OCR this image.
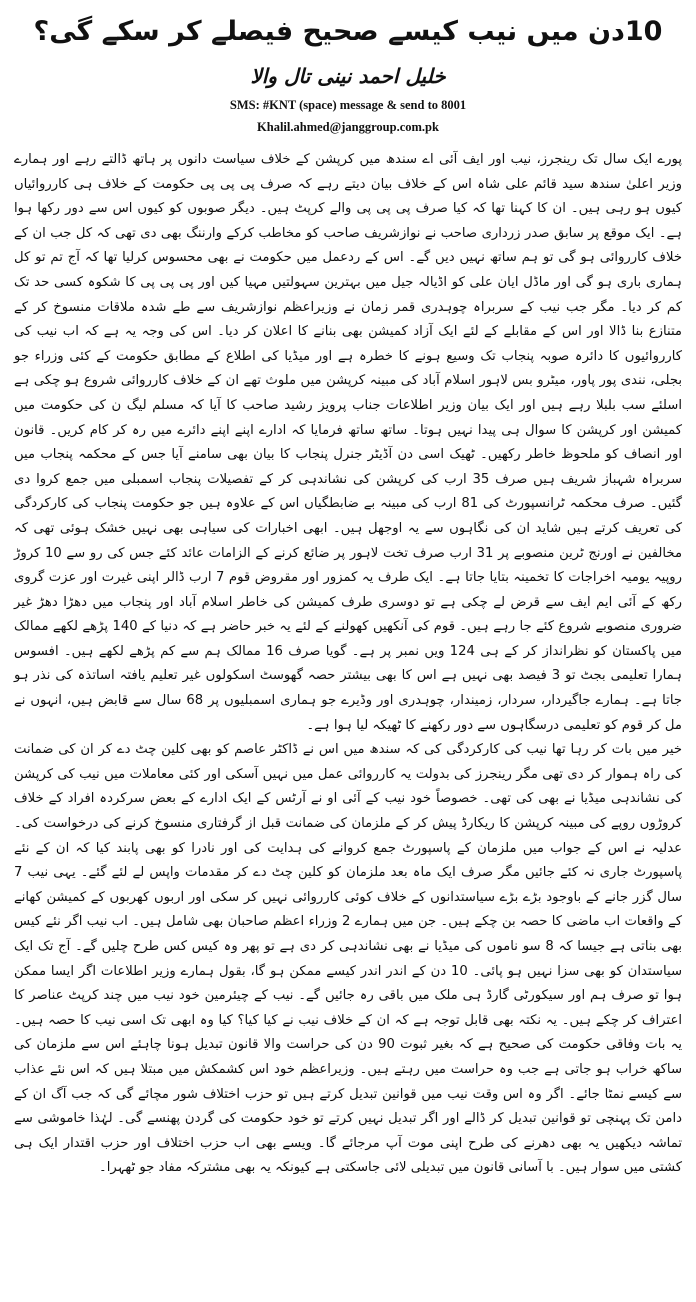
10دن میں نیب کیسے صحیح فیصلے کر سکے گی؟
خلیل احمد نینی تال والا
SMS: #KNT (space) message & send to 8001
Khalil.ahmed@janggroup.com.pk

پورے ایک سال تک رینجرز، نیب اور ایف آئی اے سندھ میں کرپشن کے خلاف سیاست دانوں پر ہاتھ ڈالتے رہے اور ہمارے وزیر اعلیٰ سندھ سید قائم علی شاہ اس کے خلاف بیان دیتے رہے کہ صرف پی پی پی حکومت کے خلاف ہی کارروائیاں کیوں ہو رہی ہیں۔ ان کا کہنا تھا کہ کیا صرف پی پی پی والے کرپٹ ہیں۔ دیگر صوبوں کو کیوں اس سے دور رکھا ہوا ہے۔ ایک موقع پر سابق صدر زرداری صاحب نے نوازشریف صاحب کو مخاطب کرکے وارننگ بھی دی تھی کہ کل جب ان کے خلاف کارروائی ہو گی تو ہم ساتھ نہیں دیں گے۔ اس کے ردعمل میں حکومت نے بھی محسوس کرلیا تھا کہ آج تم تو کل ہماری باری ہو گی اور ماڈل ایان علی کو اڈیالہ جیل میں بہترین سہولتیں مہیا کیں اور پی پی پی کا شکوہ کسی حد تک کم کر دیا۔ مگر جب نیب کے سربراہ چوہدری قمر زمان نے وزیراعظم نوازشریف سے طے شدہ ملاقات منسوخ کر کے متنازع بنا ڈالا اور اس کے مقابلے کے لئے ایک آزاد کمیشن بھی بنانے کا اعلان کر دیا۔ اس کی وجہ یہ ہے کہ اب نیب کی کارروائیوں کا دائرہ صوبہ پنجاب تک وسیع ہونے کا خطرہ ہے اور میڈیا کی اطلاع کے مطابق حکومت کے کئی وزراء جو بجلی، نندی پور پاور، میٹرو بس لاہور اسلام آباد کی مبینہ کرپشن میں ملوث تھے ان کے خلاف کارروائی شروع ہو چکی ہے اسلئے سب بلبلا رہے ہیں اور ایک بیان وزیر اطلاعات جناب پرویز رشید صاحب کا آیا کہ مسلم لیگ ن کی حکومت میں کمیشن اور کرپشن کا سوال ہی پیدا نہیں ہوتا۔ ساتھ ساتھ فرمایا کہ ادارے اپنے اپنے دائرے میں رہ کر کام کریں۔ قانون اور انصاف کو ملحوظ خاطر رکھیں۔ ٹھیک اسی دن آڈیٹر جنرل پنجاب کا بیان بھی سامنے آیا جس کے محکمہ پنجاب میں سربراہ شہباز شریف ہیں صرف 35 ارب کی کرپشن کی نشاندہی کر کے تفصیلات پنجاب اسمبلی میں جمع کروا دی گئیں۔ صرف محکمہ ٹرانسپورٹ کی 81 ارب کی مبینہ بے ضابطگیاں اس کے علاوہ ہیں جو حکومت پنجاب کی کارکردگی کی تعریف کرتے ہیں شاید ان کی نگاہوں سے یہ اوجھل ہیں۔ ابھی اخبارات کی سیاہی بھی نہیں خشک ہوئی تھی کہ مخالفین نے اورنج ٹرین منصوبے پر 31 ارب صرف تخت لاہور پر ضائع کرنے کے الزامات عائد کئے جس کی رو سے 10 کروڑ روپیہ یومیہ اخراجات کا تخمینہ بتایا جاتا ہے۔ ایک طرف یہ کمزور اور مقروض قوم 7 ارب ڈالر اپنی غیرت اور عزت گروی رکھ کے آئی ایم ایف سے قرض لے چکی ہے تو دوسری طرف کمیشن کی خاطر اسلام آباد اور پنجاب میں دھڑا دھڑ غیر ضروری منصوبے شروع کئے جا رہے ہیں۔ قوم کی آنکھیں کھولنے کے لئے یہ خبر حاضر ہے کہ دنیا کے 140 پڑھے لکھے ممالک میں پاکستان کو نظرانداز کر کے ہی 124 ویں نمبر پر ہے۔ گویا صرف 16 ممالک ہم سے کم پڑھے لکھے ہیں۔ افسوس ہمارا تعلیمی بجٹ تو 3 فیصد بھی نہیں ہے اس کا بھی بیشتر حصہ گھوسٹ اسکولوں غیر تعلیم یافتہ اساتذہ کی نذر ہو جاتا ہے۔ ہمارے جاگیردار، سردار، زمیندار، چوہدری اور وڈیرے جو ہماری اسمبلیوں پر 68 سال سے قابض ہیں، انہوں نے مل کر قوم کو تعلیمی درسگاہوں سے دور رکھنے کا ٹھیکہ لیا ہوا ہے۔

خیر میں بات کر رہا تھا نیب کی کارکردگی کی کہ سندھ میں اس نے ڈاکٹر عاصم کو بھی کلین چٹ دے کر ان کی ضمانت کی راہ ہموار کر دی تھی مگر رینجرز کی بدولت یہ کارروائی عمل میں نہیں آسکی اور کئی معاملات میں نیب کی کرپشن کی نشاندہی میڈیا نے بھی کی تھی۔ خصوصاً خود نیب کے آئی او نے آرٹس کے ایک ادارے کے بعض سرکردہ افراد کے خلاف کروڑوں روپے کی مبینہ کرپشن کا ریکارڈ پیش کر کے ملزمان کی ضمانت قبل از گرفتاری منسوخ کرنے کی درخواست کی۔ عدلیہ نے اس کے جواب میں ملزمان کے پاسپورٹ جمع کروانے کی ہدایت کی اور نادرا کو بھی پابند کیا کہ ان کے نئے پاسپورٹ جاری نہ کئے جائیں مگر صرف ایک ماہ بعد ملزمان کو کلین چٹ دے کر مقدمات واپس لے لئے گئے۔ یہی نیب 7 سال گزر جانے کے باوجود بڑے بڑے سیاستدانوں کے خلاف کوئی کارروائی نہیں کر سکی اور اربوں کھربوں کے کمیشن کھانے کے واقعات اب ماضی کا حصہ بن چکے ہیں۔ جن میں ہمارے 2 وزراء اعظم صاحبان بھی شامل ہیں۔ اب نیب اگر نئے کیس بھی بناتی ہے جیسا کہ 8 سو ناموں کی میڈیا نے بھی نشاندہی کر دی ہے تو پھر وہ کیس کس طرح چلیں گے۔ آج تک ایک سیاستدان کو بھی سزا نہیں ہو پائی۔ 10 دن کے اندر اندر کیسے ممکن ہو گا، بقول ہمارے وزیر اطلاعات اگر ایسا ممکن ہوا تو صرف ہم اور سیکورٹی گارڈ ہی ملک میں باقی رہ جائیں گے۔ نیب کے چیئرمین خود نیب میں چند کرپٹ عناصر کا اعتراف کر چکے ہیں۔ یہ نکتہ بھی قابل توجہ ہے کہ ان کے خلاف نیب نے کیا کیا؟ کیا وہ ابھی تک اسی نیب کا حصہ ہیں۔ یہ بات وفاقی حکومت کی صحیح ہے کہ بغیر ثبوت 90 دن کی حراست والا قانون تبدیل ہونا چاہئے اس سے ملزمان کی ساکھ خراب ہو جاتی ہے جب وہ حراست میں رہتے ہیں۔ وزیراعظم خود اس کشمکش میں مبتلا ہیں کہ اس نئے عذاب سے کیسے نمٹا جائے۔ اگر وہ اس وقت نیب میں قوانین تبدیل کرتے ہیں تو حزب اختلاف شور مچائے گی کہ جب آگ ان کے دامن تک پہنچی تو قوانین تبدیل کر ڈالے اور اگر تبدیل نہیں کرتے تو خود حکومت کی گردن پھنسے گی۔ لہٰذا خاموشی سے تماشہ دیکھیں یہ بھی دھرنے کی طرح اپنی موت آپ مرجائے گا۔ ویسے بھی اب حزب اختلاف اور حزب اقتدار ایک ہی کشتی میں سوار ہیں۔ با آسانی قانون میں تبدیلی لائی جاسکتی ہے کیونکہ یہ بھی مشترکہ مفاد جو ٹھہرا۔
